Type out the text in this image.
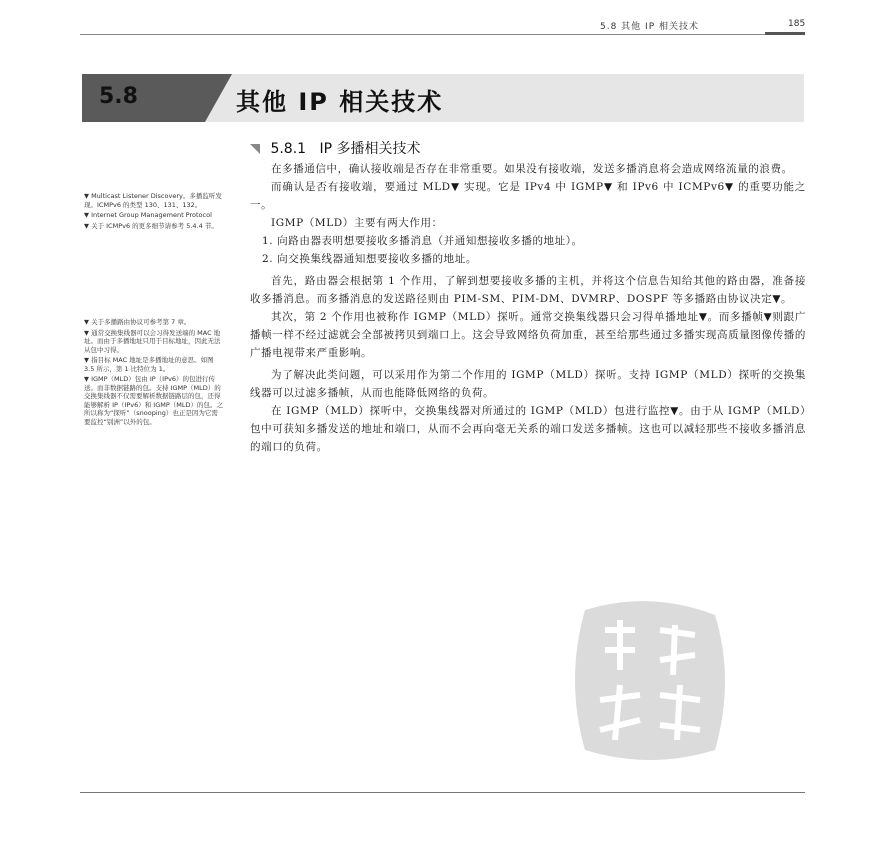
5.8 其他 IP 相关技术	185
5.8	其他 IP 相关技术
5.8.1 IP 多播相关技术

在多播通信中，确认接收端是否存在非常重要。如果没有接收端，发送多播消息将会造成网络流量的浪费。

而确认是否有接收端，要通过 MLD▼ 实现。它是 IPv4 中 IGMP▼ 和 IPv6 中 ICMPv6▼ 的重要功能之一。

IGMP（MLD）主要有两大作用：

1. 向路由器表明想要接收多播消息（并通知想接收多播的地址）。

2. 向交换集线器通知想要接收多播的地址。

首先，路由器会根据第 1 个作用，了解到想要接收多播的主机，并将这个信息告知给其他的路由器，准备接收多播消息。而多播消息的发送路径则由 PIM-SM、PIM-DM、DVMRP、DOSPF 等多播路由协议决定▼。

其次，第 2 个作用也被称作 IGMP（MLD）探听。通常交换集线器只会习得单播地址▼。而多播帧▼则跟广播帧一样不经过滤就会全部被拷贝到端口上。这会导致网络负荷加重，甚至给那些通过多播实现高质量图像传播的广播电视带来严重影响。

为了解决此类问题，可以采用作为第二个作用的 IGMP（MLD）探听。支持 IGMP（MLD）探听的交换集线器可以过滤多播帧，从而也能降低网络的负荷。

在 IGMP（MLD）探听中，交换集线器对所通过的 IGMP（MLD）包进行监控▼。由于从 IGMP（MLD）包中可获知多播发送的地址和端口，从而不会再向毫无关系的端口发送多播帧。这也可以减轻那些不接收多播消息的端口的负荷。

▼ Multicast Listener Discovery。多播监听发现。ICMPv6 的类型 130、131、132。

▼ Internet Group Management Protocol

▼ 关于 ICMPv6 的更多细节请参考 5.4.4 节。

▼ 关于多播路由协议可参考第 7 章。

▼ 通常交换集线器可以会习得发送端的 MAC 地址。而由于多播地址只用于目标地址，因此无法从包中习得。

▼ 指目标 MAC 地址是多播地址的意思。如图 3.5 所示，第 1 比特位为 1。

▼ IGMP（MLD）包由 IP（IPv6）的包进行传送。而非数据链路的包。支持 IGMP（MLD）的交换集线器不仅需要解析数据链路层的包，还得能够解析 IP（IPv6）和 IGMP（MLD）的包。之所以称为“探听”（snooping）也正是因为它需要监控“别洲”以外的包。
